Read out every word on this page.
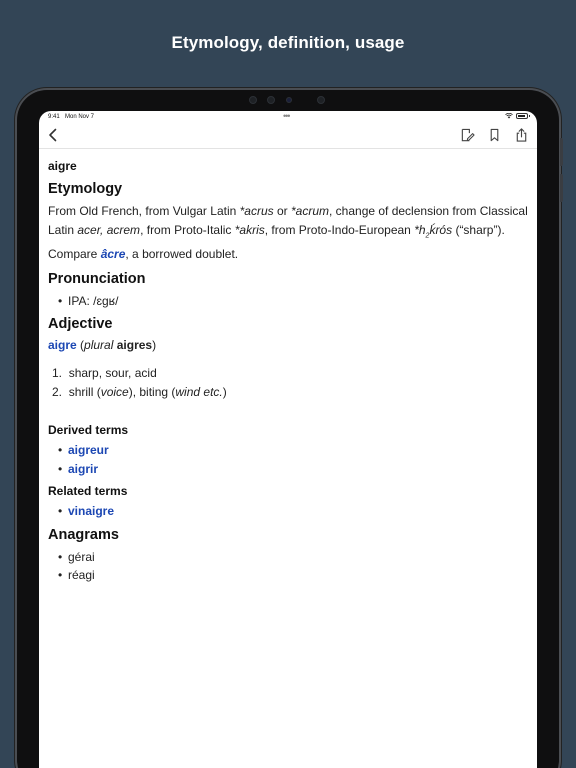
Etymology, definition, usage
9:41 Mon Nov 7	•••
aigre
Etymology

From Old French, from Vulgar Latin *acrus or *acrum, change of declension from Classical Latin acer, acrem, from Proto-Italic *akris, from Proto-Indo-European $*h_2ḱrós$ (“sharp”). Compare âcre, a borrowed doublet.

Pronunciation
• IPA: /ɛɡʁ/
Adjective
aigre (plural aigres)
1. sharp, sour, acid
2. shrill (voice), biting (wind etc.)
Derived terms
• aigreur
• aigrir
Related terms
• vinaigre
Anagrams
• gérai
• réagi
